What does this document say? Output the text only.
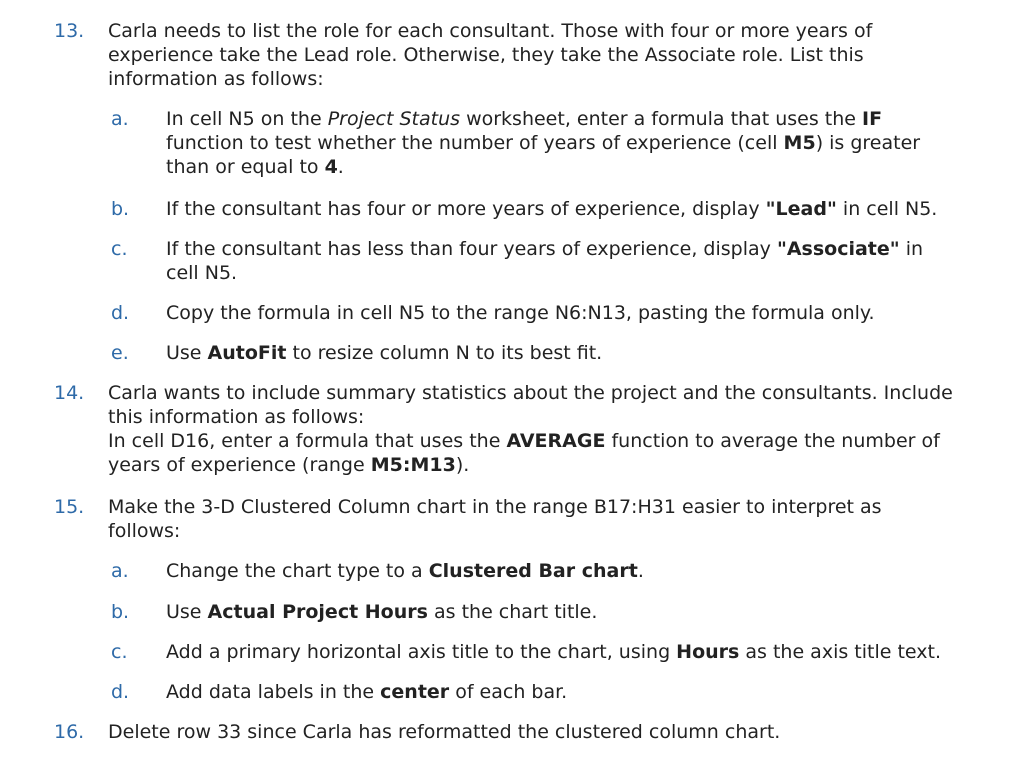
13. Carla needs to list the role for each consultant. Those with four or more years of
experience take the Lead role. Otherwise, they take the Associate role. List this
information as follows:
a. In cell N5 on the Project Status worksheet, enter a formula that uses the IF
function to test whether the number of years of experience (cell M5) is greater
than or equal to 4.
b. If the consultant has four or more years of experience, display "Lead" in cell N5.
c. If the consultant has less than four years of experience, display "Associate" in
cell N5.
d. Copy the formula in cell N5 to the range N6:N13, pasting the formula only.
e. Use AutoFit to resize column N to its best fit.
14. Carla wants to include summary statistics about the project and the consultants. Include
this information as follows:
In cell D16, enter a formula that uses the AVERAGE function to average the number of
years of experience (range M5:M13).
15. Make the 3-D Clustered Column chart in the range B17:H31 easier to interpret as
follows:
a. Change the chart type to a Clustered Bar chart.
b. Use Actual Project Hours as the chart title.
c. Add a primary horizontal axis title to the chart, using Hours as the axis title text.
d. Add data labels in the center of each bar.
16. Delete row 33 since Carla has reformatted the clustered column chart.
